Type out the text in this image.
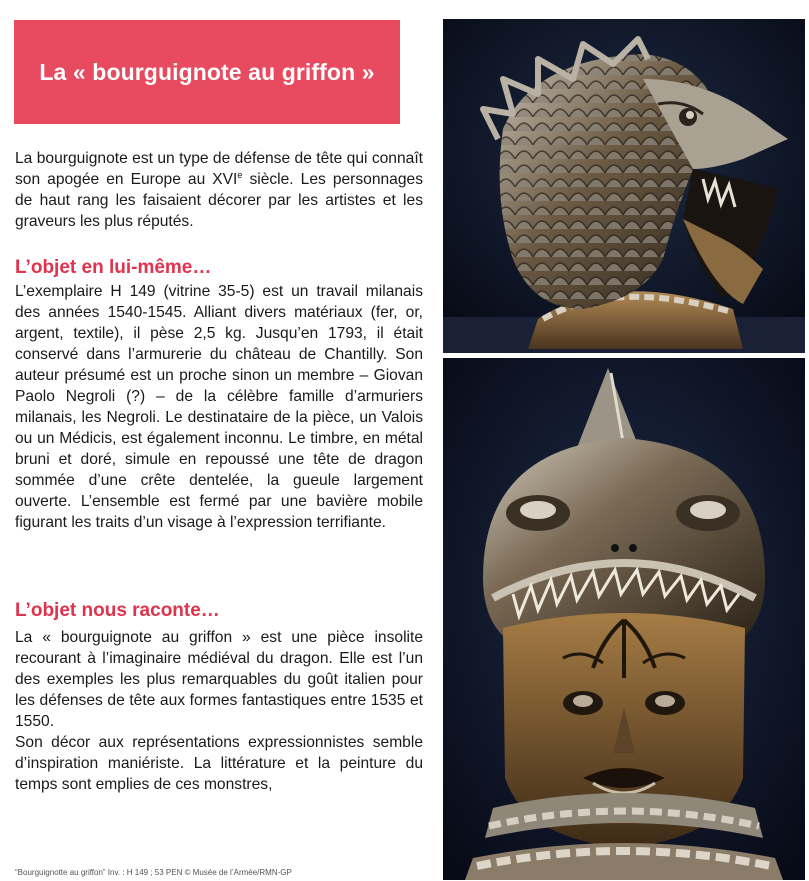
La « bourguignote au griffon »

La bourguignote est un type de défense de tête qui connaît son apogée en Europe au XVIe siècle. Les personnages de haut rang les faisaient décorer par les artistes et les graveurs les plus réputés.

L’objet en lui-même…

L’exemplaire H 149 (vitrine 35-5) est un travail milanais des années 1540-1545. Alliant divers matériaux (fer, or, argent, textile), il pèse 2,5 kg. Jusqu’en 1793, il était conservé dans l’armurerie du château de Chantilly. Son auteur présumé est un proche sinon un membre – Giovan Paolo Negroli (?) – de la célèbre famille d’armuriers milanais, les Negroli. Le destinataire de la pièce, un Valois ou un Médicis, est également inconnu. Le timbre, en métal bruni et doré, simule en repoussé une tête de dragon sommée d’une crête dentelée, la gueule largement ouverte. L’ensemble est fermé par une bavière mobile figurant les traits d’un visage à l’expression terrifiante.

L’objet nous raconte…

La « bourguignote au griffon » est une pièce insolite recourant à l’imaginaire médiéval du dragon. Elle est l’un des exemples les plus remarquables du goût italien pour les défenses de tête aux formes fantastiques entre 1535 et 1550.

Son décor aux représentations expressionnistes semble d’inspiration maniériste. La littérature et la peinture du temps sont emplies de ces monstres,

“Bourguignotte au griffon” Inv. : H 149 ; 53 PEN © Musée de l’Armée/RMN-GP
